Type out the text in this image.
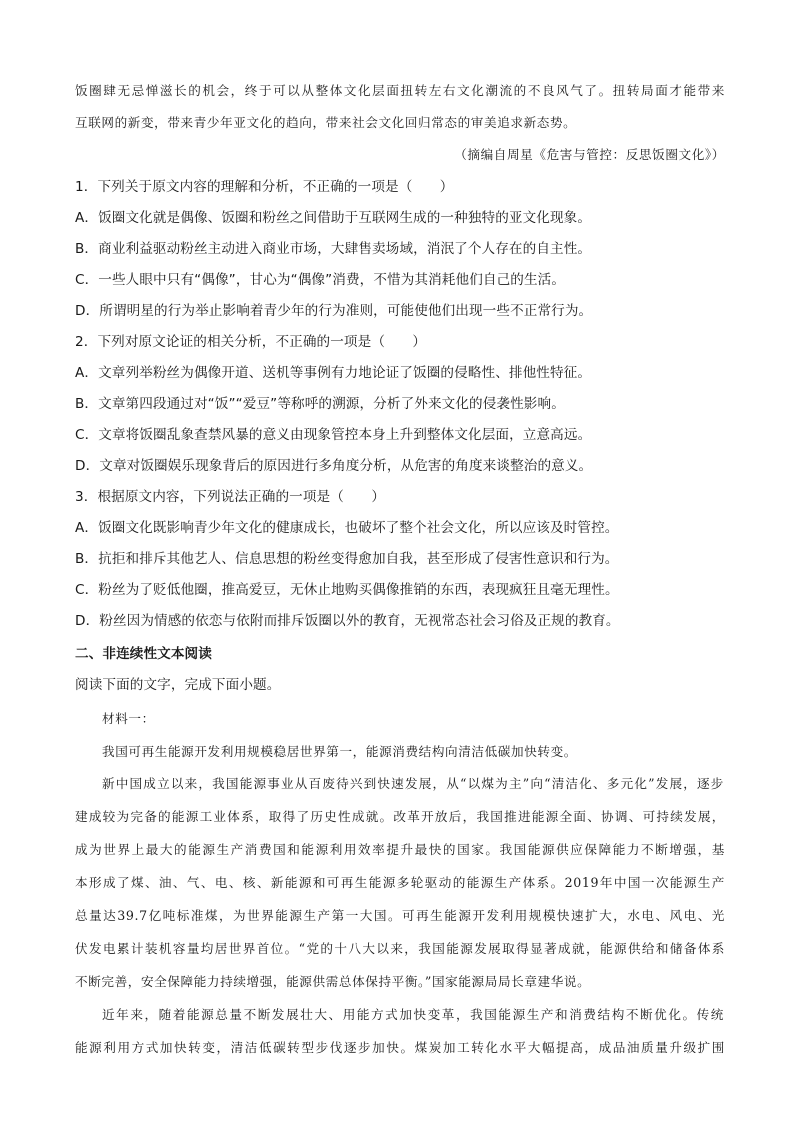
饭圈肆无忌惮滋长的机会，终于可以从整体文化层面扭转左右文化潮流的不良风气了。扭转局面才能带来
互联网的新变，带来青少年亚文化的趋向，带来社会文化回归常态的审美追求新态势。
（摘编自周星《危害与管控：反思饭圈文化》）
1．下列关于原文内容的理解和分析，不正确的一项是（　　）
A．饭圈文化就是偶像、饭圈和粉丝之间借助于互联网生成的一种独特的亚文化现象。
B．商业利益驱动粉丝主动进入商业市场，大肆售卖场域，消泯了个人存在的自主性。
C．一些人眼中只有“偶像”，甘心为“偶像”消费，不惜为其消耗他们自己的生活。
D．所谓明星的行为举止影响着青少年的行为准则，可能使他们出现一些不正常行为。
2．下列对原文论证的相关分析，不正确的一项是（　　）
A．文章列举粉丝为偶像开道、送机等事例有力地论证了饭圈的侵略性、排他性特征。
B．文章第四段通过对“饭”“爱豆”等称呼的溯源，分析了外来文化的侵袭性影响。
C．文章将饭圈乱象查禁风暴的意义由现象管控本身上升到整体文化层面，立意高远。
D．文章对饭圈娱乐现象背后的原因进行多角度分析，从危害的角度来谈整治的意义。
3．根据原文内容，下列说法正确的一项是（　　）
A．饭圈文化既影响青少年文化的健康成长，也破坏了整个社会文化，所以应该及时管控。
B．抗拒和排斥其他艺人、信息思想的粉丝变得愈加自我，甚至形成了侵害性意识和行为。
C．粉丝为了贬低他圈，推高爱豆，无休止地购买偶像推销的东西，表现疯狂且毫无理性。
D．粉丝因为情感的依恋与依附而排斥饭圈以外的教育，无视常态社会习俗及正规的教育。
二、非连续性文本阅读
阅读下面的文字，完成下面小题。
材料一：
我国可再生能源开发利用规模稳居世界第一，能源消费结构向清洁低碳加快转变。
新中国成立以来，我国能源事业从百废待兴到快速发展，从“以煤为主”向“清洁化、多元化”发展，逐步
建成较为完备的能源工业体系，取得了历史性成就。改革开放后，我国推进能源全面、协调、可持续发展，
成为世界上最大的能源生产消费国和能源利用效率提升最快的国家。我国能源供应保障能力不断增强，基
本形成了煤、油、气、电、核、新能源和可再生能源多轮驱动的能源生产体系。2019年中国一次能源生产
总量达39.7亿吨标准煤，为世界能源生产第一大国。可再生能源开发利用规模快速扩大，水电、风电、光
伏发电累计装机容量均居世界首位。“党的十八大以来，我国能源发展取得显著成就，能源供给和储备体系
不断完善，安全保障能力持续增强，能源供需总体保持平衡。”国家能源局局长章建华说。
近年来，随着能源总量不断发展壮大、用能方式加快变革，我国能源生产和消费结构不断优化。传统
能源利用方式加快转变，清洁低碳转型步伐逐步加快。煤炭加工转化水平大幅提高，成品油质量升级扩围
